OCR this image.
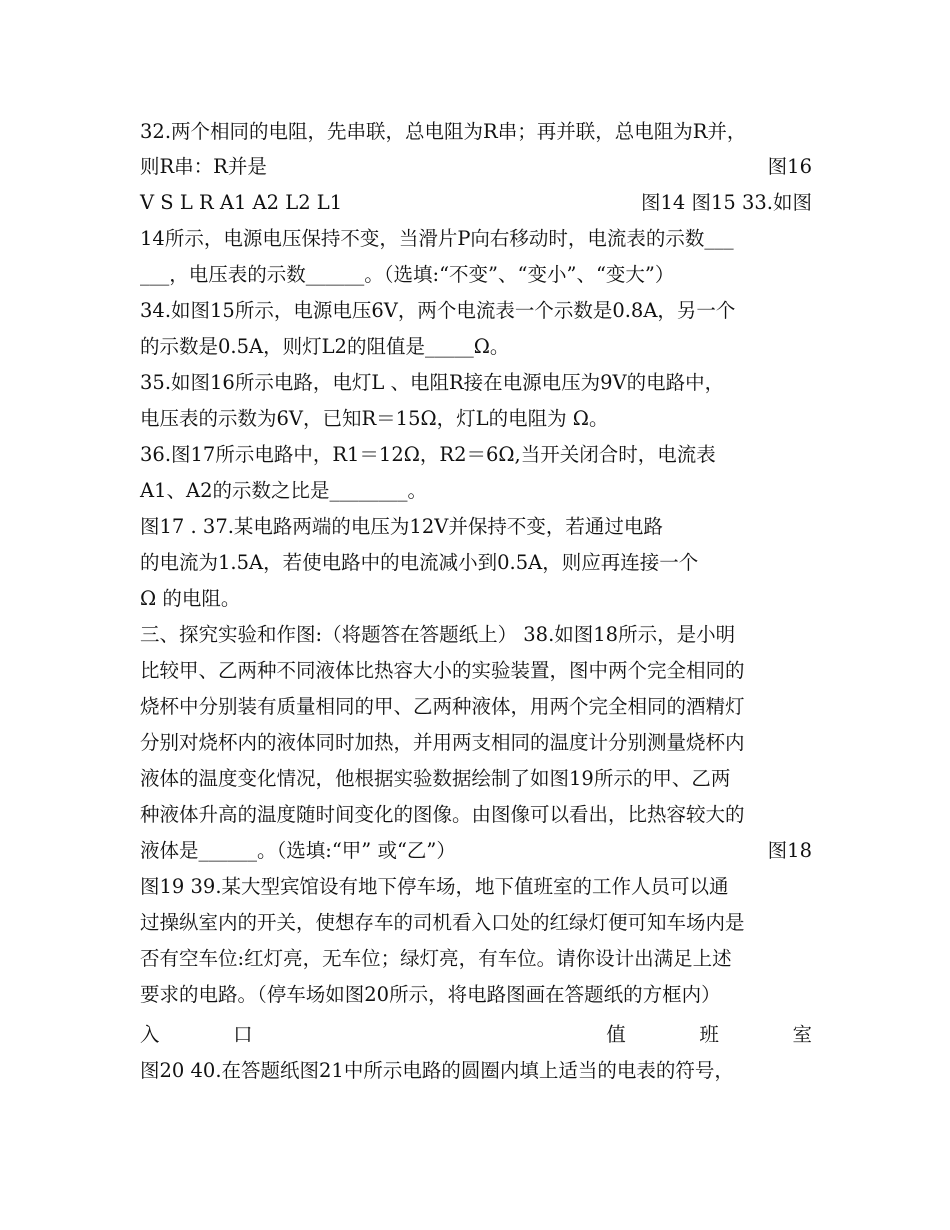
32.两个相同的电阻，先串联，总电阻为R串；再并联，总电阻为R并，
则R串：R并是	图16
V S L R A1 A2 L2 L1	图14 图15 33.如图
14所示，电源电压保持不变，当滑片P向右移动时，电流表的示数___
___，电压表的示数______。（选填:“不变”、“变小”、“变大”）
34.如图15所示，电源电压6V，两个电流表一个示数是0.8A，另一个
的示数是0.5A，则灯L2的阻值是_____Ω。
35.如图16所示电路，电灯L 、电阻R接在电源电压为9V的电路中，
电压表的示数为6V，已知R＝15Ω，灯L的电阻为 Ω。
36.图17所示电路中，R1＝12Ω，R2＝6Ω,当开关闭合时，电流表
A1、A2的示数之比是________。
图17 . 37.某电路两端的电压为12V并保持不变，若通过电路
的电流为1.5A，若使电路中的电流减小到0.5A，则应再连接一个
Ω 的电阻。
三、探究实验和作图:（将题答在答题纸上） 38.如图18所示，是小明
比较甲、乙两种不同液体比热容大小的实验装置，图中两个完全相同的
烧杯中分别装有质量相同的甲、乙两种液体，用两个完全相同的酒精灯
分别对烧杯内的液体同时加热，并用两支相同的温度计分别测量烧杯内
液体的温度变化情况，他根据实验数据绘制了如图19所示的甲、乙两
种液体升高的温度随时间变化的图像。由图像可以看出，比热容较大的
液体是______。（选填:“甲” 或“乙”）	图18
图19 39.某大型宾馆设有地下停车场，地下值班室的工作人员可以通
过操纵室内的开关，使想存车的司机看入口处的红绿灯便可知车场内是
否有空车位:红灯亮，无车位；绿灯亮，有车位。请你设计出满足上述
要求的电路。（停车场如图20所示，将电路图画在答题纸的方框内）
入	口	值	班	室
图20 40.在答题纸图21中所示电路的圆圈内填上适当的电表的符号，
